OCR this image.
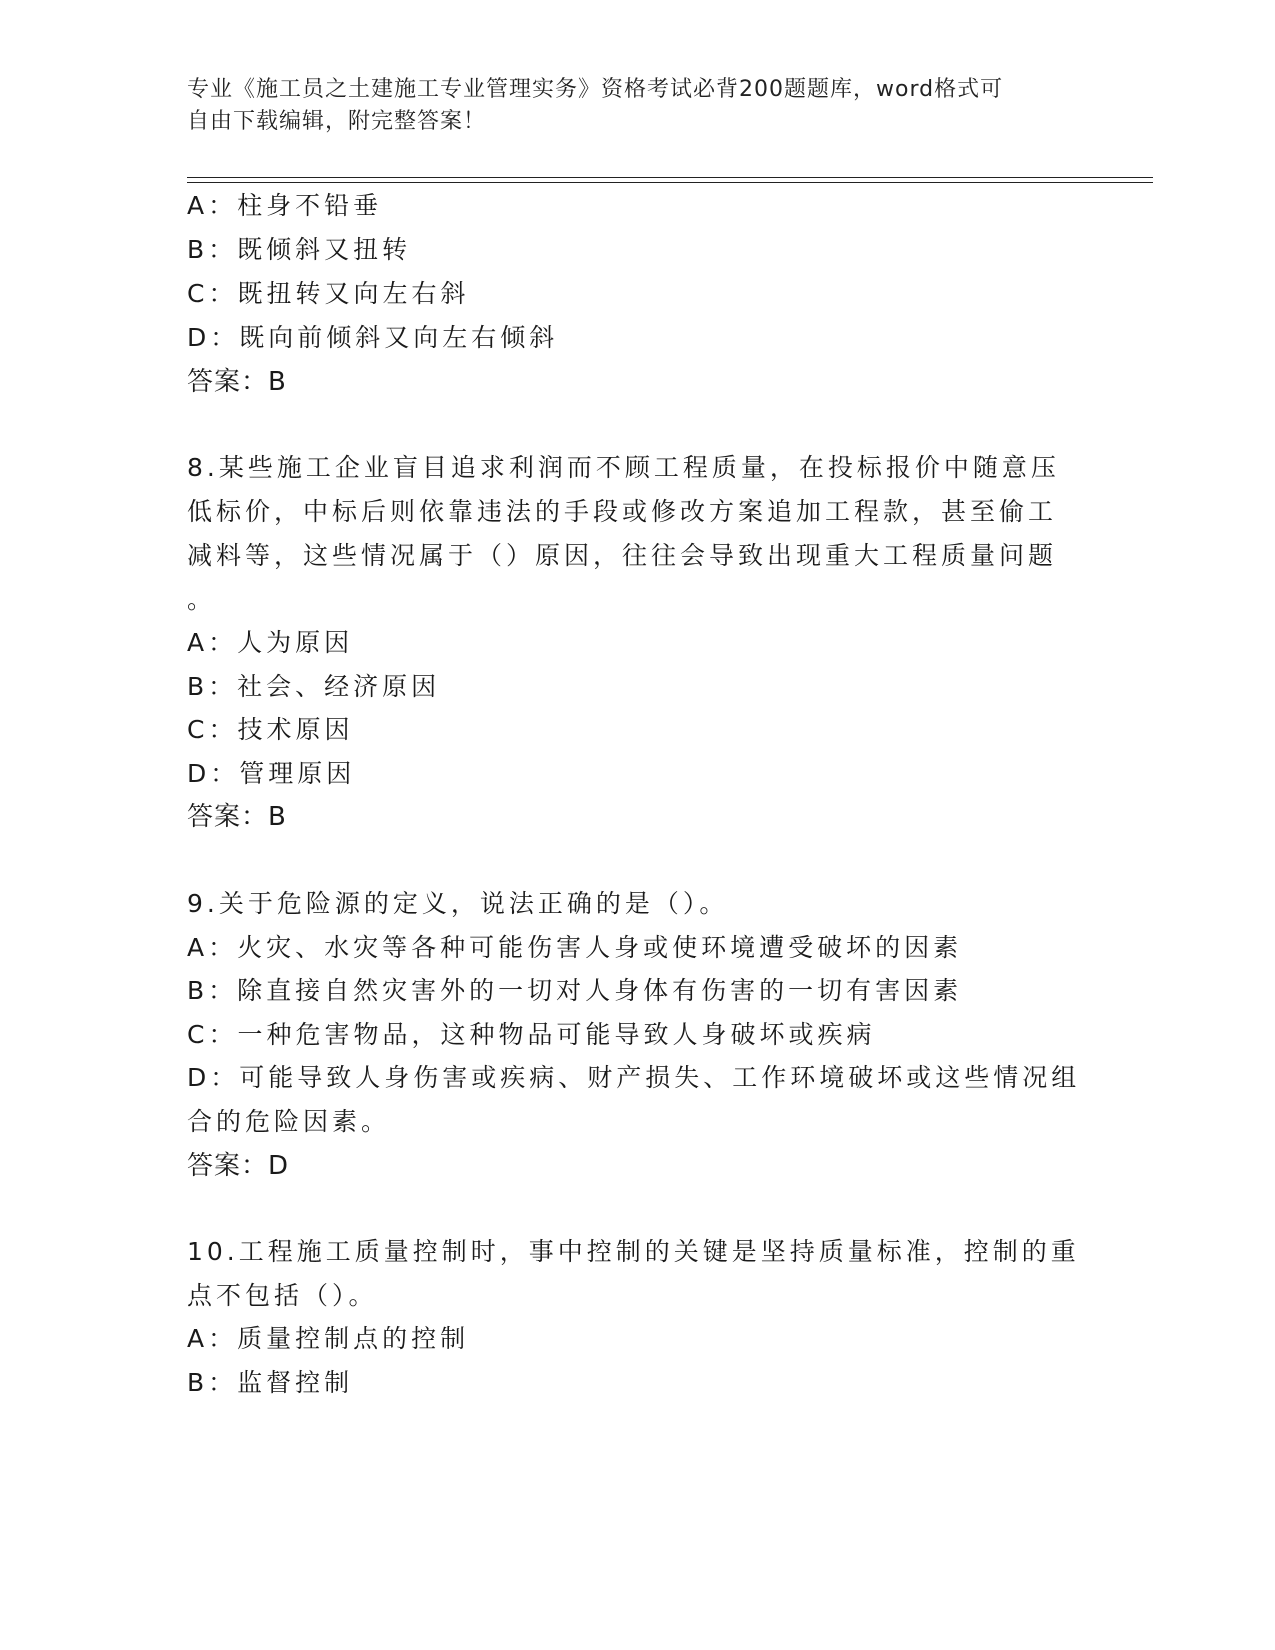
专业《施工员之土建施工专业管理实务》资格考试必背200题题库，word格式可
自由下载编辑，附完整答案！
A：柱身不铅垂
B：既倾斜又扭转
C：既扭转又向左右斜
D：既向前倾斜又向左右倾斜
答案：B
8.某些施工企业盲目追求利润而不顾工程质量，在投标报价中随意压
低标价，中标后则依靠违法的手段或修改方案追加工程款，甚至偷工
减料等，这些情况属于（）原因，往往会导致出现重大工程质量问题
。
A：人为原因
B：社会、经济原因
C：技术原因
D：管理原因
答案：B
9.关于危险源的定义，说法正确的是（）。
A：火灾、水灾等各种可能伤害人身或使环境遭受破坏的因素
B：除直接自然灾害外的一切对人身体有伤害的一切有害因素
C：一种危害物品，这种物品可能导致人身破坏或疾病
D：可能导致人身伤害或疾病、财产损失、工作环境破坏或这些情况组
合的危险因素。
答案：D
10.工程施工质量控制时，事中控制的关键是坚持质量标准，控制的重
点不包括（）。
A：质量控制点的控制
B：监督控制
